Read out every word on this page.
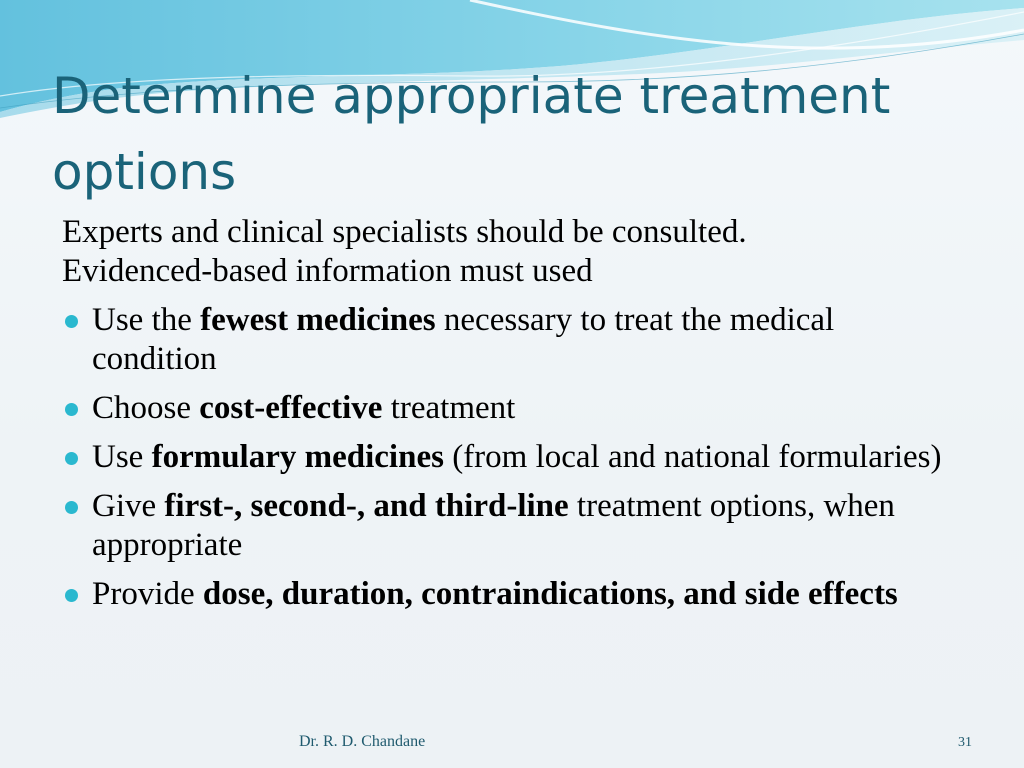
Determine appropriate treatment options

Experts and clinical specialists should be consulted.

Evidenced-based information must used

Use the fewest medicines necessary to treat the medical condition
Choose cost-effective treatment
Use formulary medicines (from local and national formularies)
Give first-, second-, and third-line treatment options, when appropriate
Provide dose, duration, contraindications, and side effects
Dr. R. D. Chandane	31
